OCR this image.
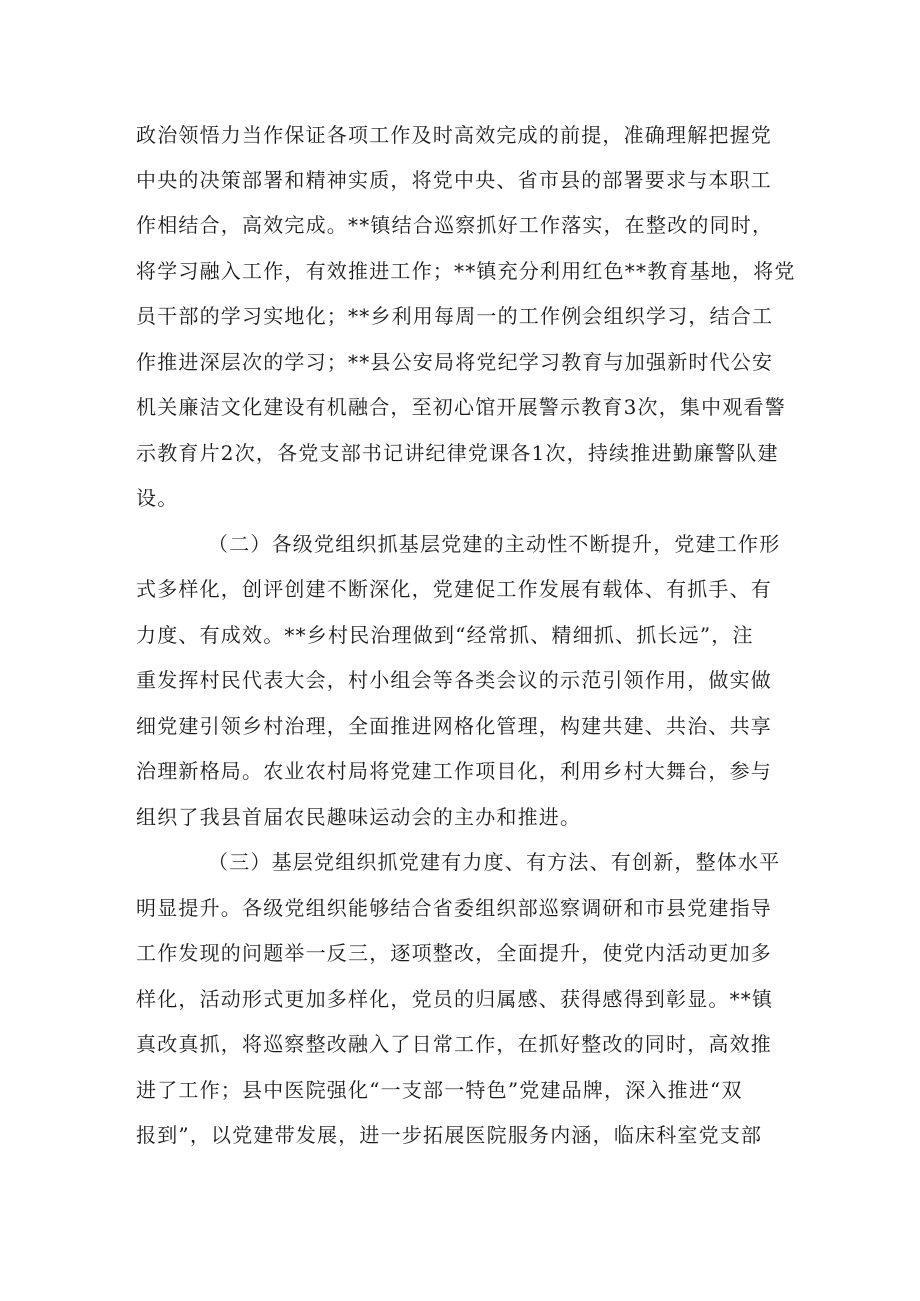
政治领悟力当作保证各项工作及时高效完成的前提，准确理解把握党
中央的决策部署和精神实质，将党中央、省市县的部署要求与本职工
作相结合，高效完成。**镇结合巡察抓好工作落实，在整改的同时，
将学习融入工作，有效推进工作；**镇充分利用红色**教育基地，将党
员干部的学习实地化；**乡利用每周一的工作例会组织学习，结合工
作推进深层次的学习；**县公安局将党纪学习教育与加强新时代公安
机关廉洁文化建设有机融合，至初心馆开展警示教育3次，集中观看警
示教育片2次，各党支部书记讲纪律党课各1次，持续推进勤廉警队建
设。
（二）各级党组织抓基层党建的主动性不断提升，党建工作形
式多样化，创评创建不断深化，党建促工作发展有载体、有抓手、有
力度、有成效。**乡村民治理做到“经常抓、精细抓、抓长远”，注
重发挥村民代表大会，村小组会等各类会议的示范引领作用，做实做
细党建引领乡村治理，全面推进网格化管理，构建共建、共治、共享
治理新格局。农业农村局将党建工作项目化，利用乡村大舞台，参与
组织了我县首届农民趣味运动会的主办和推进。
（三）基层党组织抓党建有力度、有方法、有创新，整体水平
明显提升。各级党组织能够结合省委组织部巡察调研和市县党建指导
工作发现的问题举一反三，逐项整改，全面提升，使党内活动更加多
样化，活动形式更加多样化，党员的归属感、获得感得到彰显。**镇
真改真抓，将巡察整改融入了日常工作，在抓好整改的同时，高效推
进了工作；县中医院强化“一支部一特色”党建品牌，深入推进“双
报到”，以党建带发展，进一步拓展医院服务内涵，临床科室党支部
